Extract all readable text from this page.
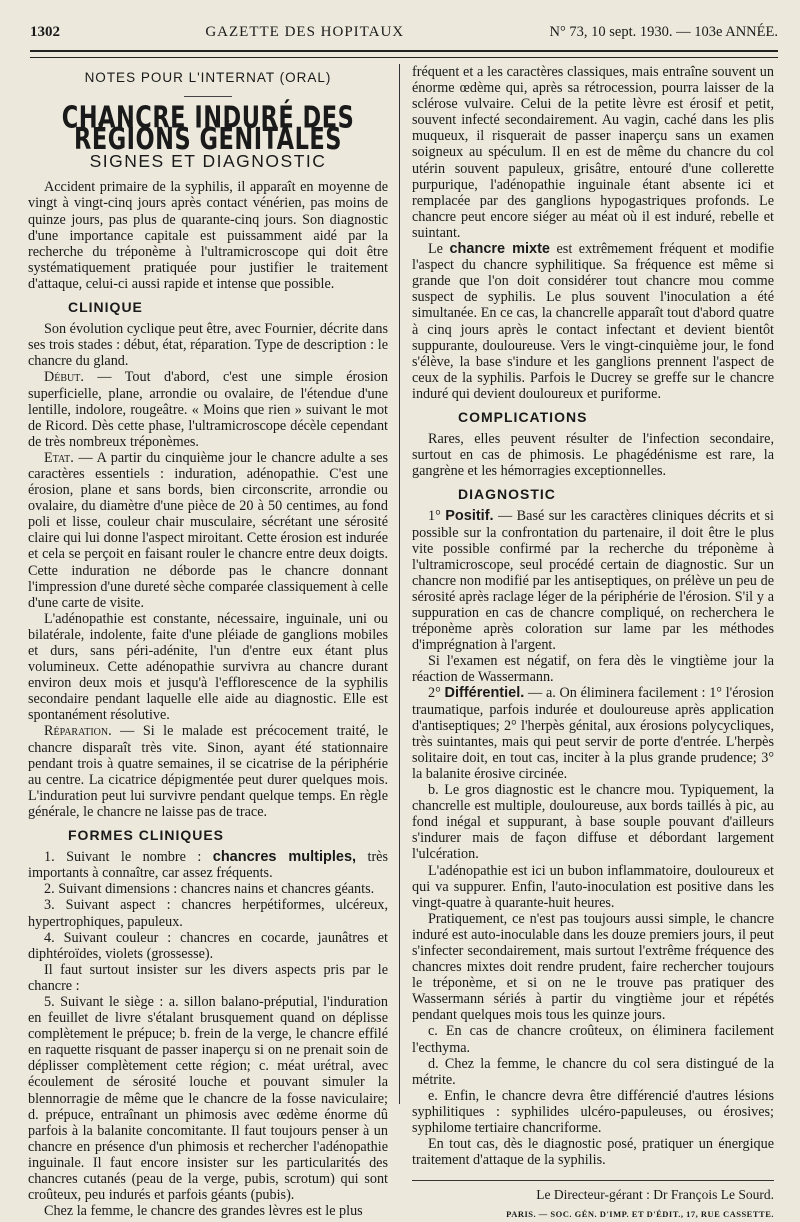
1302	GAZETTE DES HOPITAUX	N° 73, 10 sept. 1930. — 103e ANNÉE.
NOTES POUR L'INTERNAT (ORAL)
CHANCRE INDURÉ DES RÉGIONS GÉNITALES
SIGNES ET DIAGNOSTIC

Accident primaire de la syphilis, il apparaît en moyenne de vingt à vingt-cinq jours après contact vénérien, pas moins de quinze jours, pas plus de quarante-cinq jours. Son diagnostic d'une importance capitale est puissamment aidé par la recherche du tréponème à l'ultramicroscope qui doit être systématiquement pratiquée pour justifier le traitement d'attaque, celui-ci aussi rapide et intense que possible.

CLINIQUE

Son évolution cyclique peut être, avec Fournier, décrite dans ses trois stades : début, état, réparation. Type de description : le chancre du gland.

Début. — Tout d'abord, c'est une simple érosion superficielle, plane, arrondie ou ovalaire, de l'étendue d'une lentille, indolore, rougeâtre. « Moins que rien » suivant le mot de Ricord. Dès cette phase, l'ultramicroscope décèle cependant de très nombreux tréponèmes.

Etat. — A partir du cinquième jour le chancre adulte a ses caractères essentiels : induration, adénopathie. C'est une érosion, plane et sans bords, bien circonscrite, arrondie ou ovalaire, du diamètre d'une pièce de 20 à 50 centimes, au fond poli et lisse, couleur chair musculaire, sécrétant une sérosité claire qui lui donne l'aspect miroitant. Cette érosion est indurée et cela se perçoit en faisant rouler le chancre entre deux doigts. Cette induration ne déborde pas le chancre donnant l'impression d'une dureté sèche comparée classiquement à celle d'une carte de visite.

L'adénopathie est constante, nécessaire, inguinale, uni ou bilatérale, indolente, faite d'une pléiade de ganglions mobiles et durs, sans péri-adénite, l'un d'entre eux étant plus volumineux. Cette adénopathie survivra au chancre durant environ deux mois et jusqu'à l'efflorescence de la syphilis secondaire pendant laquelle elle aide au diagnostic. Elle est spontanément résolutive.

Réparation. — Si le malade est précocement traité, le chancre disparaît très vite. Sinon, ayant été stationnaire pendant trois à quatre semaines, il se cicatrise de la périphérie au centre. La cicatrice dépigmentée peut durer quelques mois. L'induration peut lui survivre pendant quelque temps. En règle générale, le chancre ne laisse pas de trace.

FORMES CLINIQUES

1. Suivant le nombre : chancres multiples, très importants à connaître, car assez fréquents.

2. Suivant dimensions : chancres nains et chancres géants.

3. Suivant aspect : chancres herpétiformes, ulcéreux, hypertrophiques, papuleux.

4. Suivant couleur : chancres en cocarde, jaunâtres et diphtéroïdes, violets (grossesse).

Il faut surtout insister sur les divers aspects pris par le chancre :

5. Suivant le siège : a. sillon balano-préputial, l'induration en feuillet de livre s'étalant brusquement quand on déplisse complètement le prépuce; b. frein de la verge, le chancre effilé en raquette risquant de passer inaperçu si on ne prenait soin de déplisser complètement cette région; c. méat urétral, avec écoulement de sérosité louche et pouvant simuler la blennorragie de même que le chancre de la fosse naviculaire; d. prépuce, entraînant un phimosis avec œdème énorme dû parfois à la balanite concomitante. Il faut toujours penser à un chancre en présence d'un phimosis et rechercher l'adénopathie inguinale. Il faut encore insister sur les particularités des chancres cutanés (peau de la verge, pubis, scrotum) qui sont croûteux, peu indurés et parfois géants (pubis).

Chez la femme, le chancre des grandes lèvres est le plus

fréquent et a les caractères classiques, mais entraîne souvent un énorme œdème qui, après sa rétrocession, pourra laisser de la sclérose vulvaire. Celui de la petite lèvre est érosif et petit, souvent infecté secondairement. Au vagin, caché dans les plis muqueux, il risquerait de passer inaperçu sans un examen soigneux au spéculum. Il en est de même du chancre du col utérin souvent papuleux, grisâtre, entouré d'une collerette purpurique, l'adénopathie inguinale étant absente ici et remplacée par des ganglions hypogastriques profonds. Le chancre peut encore siéger au méat où il est induré, rebelle et suintant.

Le chancre mixte est extrêmement fréquent et modifie l'aspect du chancre syphilitique. Sa fréquence est même si grande que l'on doit considérer tout chancre mou comme suspect de syphilis. Le plus souvent l'inoculation a été simultanée. En ce cas, la chancrelle apparaît tout d'abord quatre à cinq jours après le contact infectant et devient bientôt suppurante, douloureuse. Vers le vingt-cinquième jour, le fond s'élève, la base s'indure et les ganglions prennent l'aspect de ceux de la syphilis. Parfois le Ducrey se greffe sur le chancre induré qui devient douloureux et puriforme.

COMPLICATIONS

Rares, elles peuvent résulter de l'infection secondaire, surtout en cas de phimosis. Le phagédénisme est rare, la gangrène et les hémorragies exceptionnelles.

DIAGNOSTIC

1° Positif. — Basé sur les caractères cliniques décrits et si possible sur la confrontation du partenaire, il doit être le plus vite possible confirmé par la recherche du tréponème à l'ultramicroscope, seul procédé certain de diagnostic. Sur un chancre non modifié par les antiseptiques, on prélève un peu de sérosité après raclage léger de la périphérie de l'érosion. S'il y a suppuration en cas de chancre compliqué, on rechercherа le tréponème après coloration sur lame par les méthodes d'imprégnation à l'argent.

Si l'examen est négatif, on fera dès le vingtième jour la réaction de Wassermann.

2° Différentiel. — a. On éliminera facilement : 1° l'érosion traumatique, parfois indurée et douloureuse après application d'antiseptiques; 2° l'herpès génital, aux érosions polycycliques, très suintantes, mais qui peut servir de porte d'entrée. L'herpès solitaire doit, en tout cas, inciter à la plus grande prudence; 3° la balanite érosive circinée.

b. Le gros diagnostic est le chancre mou. Typiquement, la chancrelle est multiple, douloureuse, aux bords taillés à pic, au fond inégal et suppurant, à base souple pouvant d'ailleurs s'indurer mais de façon diffuse et débordant largement l'ulcération.

L'adénopathie est ici un bubon inflammatoire, douloureux et qui va suppurer. Enfin, l'auto-inoculation est positive dans les vingt-quatre à quarante-huit heures.

Pratiquement, ce n'est pas toujours aussi simple, le chancre induré est auto-inoculable dans les douze premiers jours, il peut s'infecter secondairement, mais surtout l'extrême fréquence des chancres mixtes doit rendre prudent, faire rechercher toujours le tréponème, et si on ne le trouve pas pratiquer des Wassermann sériés à partir du vingtième jour et répétés pendant quelques mois tous les quinze jours.

c. En cas de chancre croûteux, on éliminera facilement l'ecthyma.

d. Chez la femme, le chancre du col sera distingué de la métrite.

e. Enfin, le chancre devra être différencié d'autres lésions syphilitiques : syphilides ulcéro-papuleuses, ou érosives; syphilome tertiaire chancriforme.

En tout cas, dès le diagnostic posé, pratiquer un énergique traitement d'attaque de la syphilis.

Le Directeur-gérant : Dr François Le Sourd.
PARIS. — SOC. GÉN. D'IMP. ET D'ÉDIT., 17, RUE CASSETTE.
